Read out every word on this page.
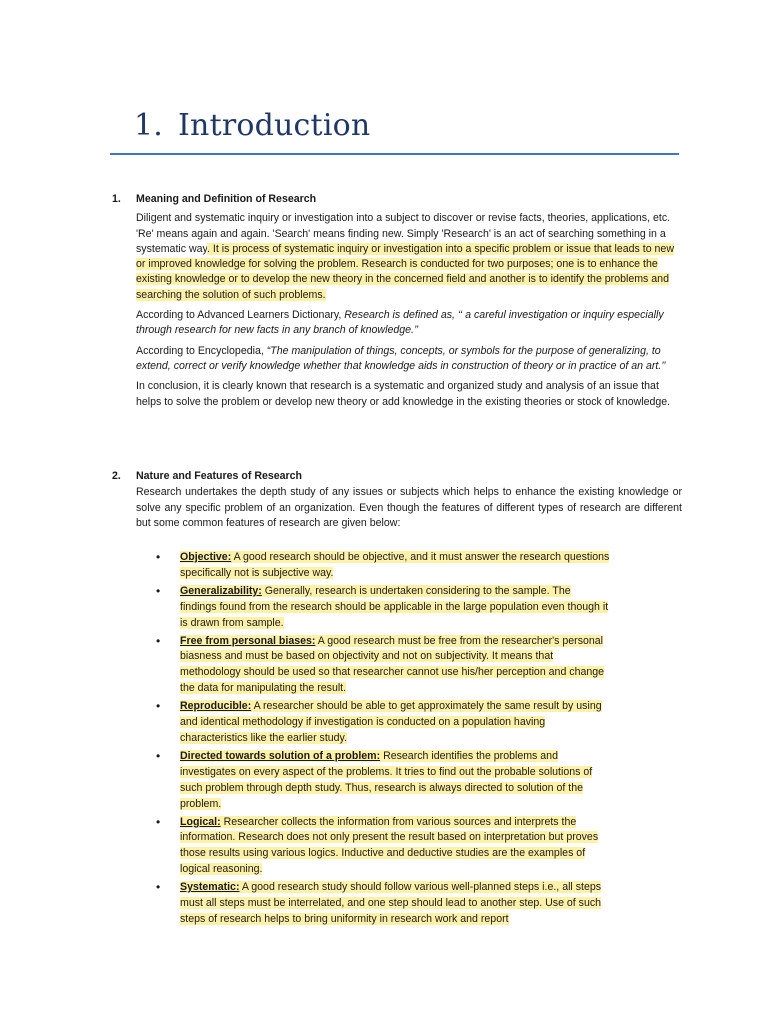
1. Introduction
1. Meaning and Definition of Research

Diligent and systematic inquiry or investigation into a subject to discover or revise facts, theories, applications, etc. 'Re' means again and again. 'Search' means finding new. Simply 'Research' is an act of searching something in a systematic way. It is process of systematic inquiry or investigation into a specific problem or issue that leads to new or improved knowledge for solving the problem. Research is conducted for two purposes; one is to enhance the existing knowledge or to develop the new theory in the concerned field and another is to identify the problems and searching the solution of such problems.

According to Advanced Learners Dictionary, Research is defined as, ‘‘ a careful investigation or inquiry especially through research for new facts in any branch of knowledge.’’

According to Encyclopedia, “The manipulation of things, concepts, or symbols for the purpose of generalizing, to extend, correct or verify knowledge whether that knowledge aids in construction of theory or in practice of an art.’’

In conclusion, it is clearly known that research is a systematic and organized study and analysis of an issue that helps to solve the problem or develop new theory or add knowledge in the existing theories or stock of knowledge.

2. Nature and Features of Research

Research undertakes the depth study of any issues or subjects which helps to enhance the existing knowledge or solve any specific problem of an organization. Even though the features of different types of research are different but some common features of research are given below:

•	Objective: A good research should be objective, and it must answer the research questions specifically not is subjective way.
•	Generalizability: Generally, research is undertaken considering to the sample. The findings found from the research should be applicable in the large population even though it is drawn from sample.
•	Free from personal biases: A good research must be free from the researcher's personal biasness and must be based on objectivity and not on subjectivity. It means that methodology should be used so that researcher cannot use his/her perception and change the data for manipulating the result.
•	Reproducible: A researcher should be able to get approximately the same result by using and identical methodology if investigation is conducted on a population having characteristics like the earlier study.
•	Directed towards solution of a problem: Research identifies the problems and investigates on every aspect of the problems. It tries to find out the probable solutions of such problem through depth study. Thus, research is always directed to solution of the problem.
•	Logical: Researcher collects the information from various sources and interprets the information. Research does not only present the result based on interpretation but proves those results using various logics. Inductive and deductive studies are the examples of logical reasoning.
•	Systematic: A good research study should follow various well-planned steps i.e., all steps must all steps must be interrelated, and one step should lead to another step. Use of such steps of research helps to bring uniformity in research work and report
